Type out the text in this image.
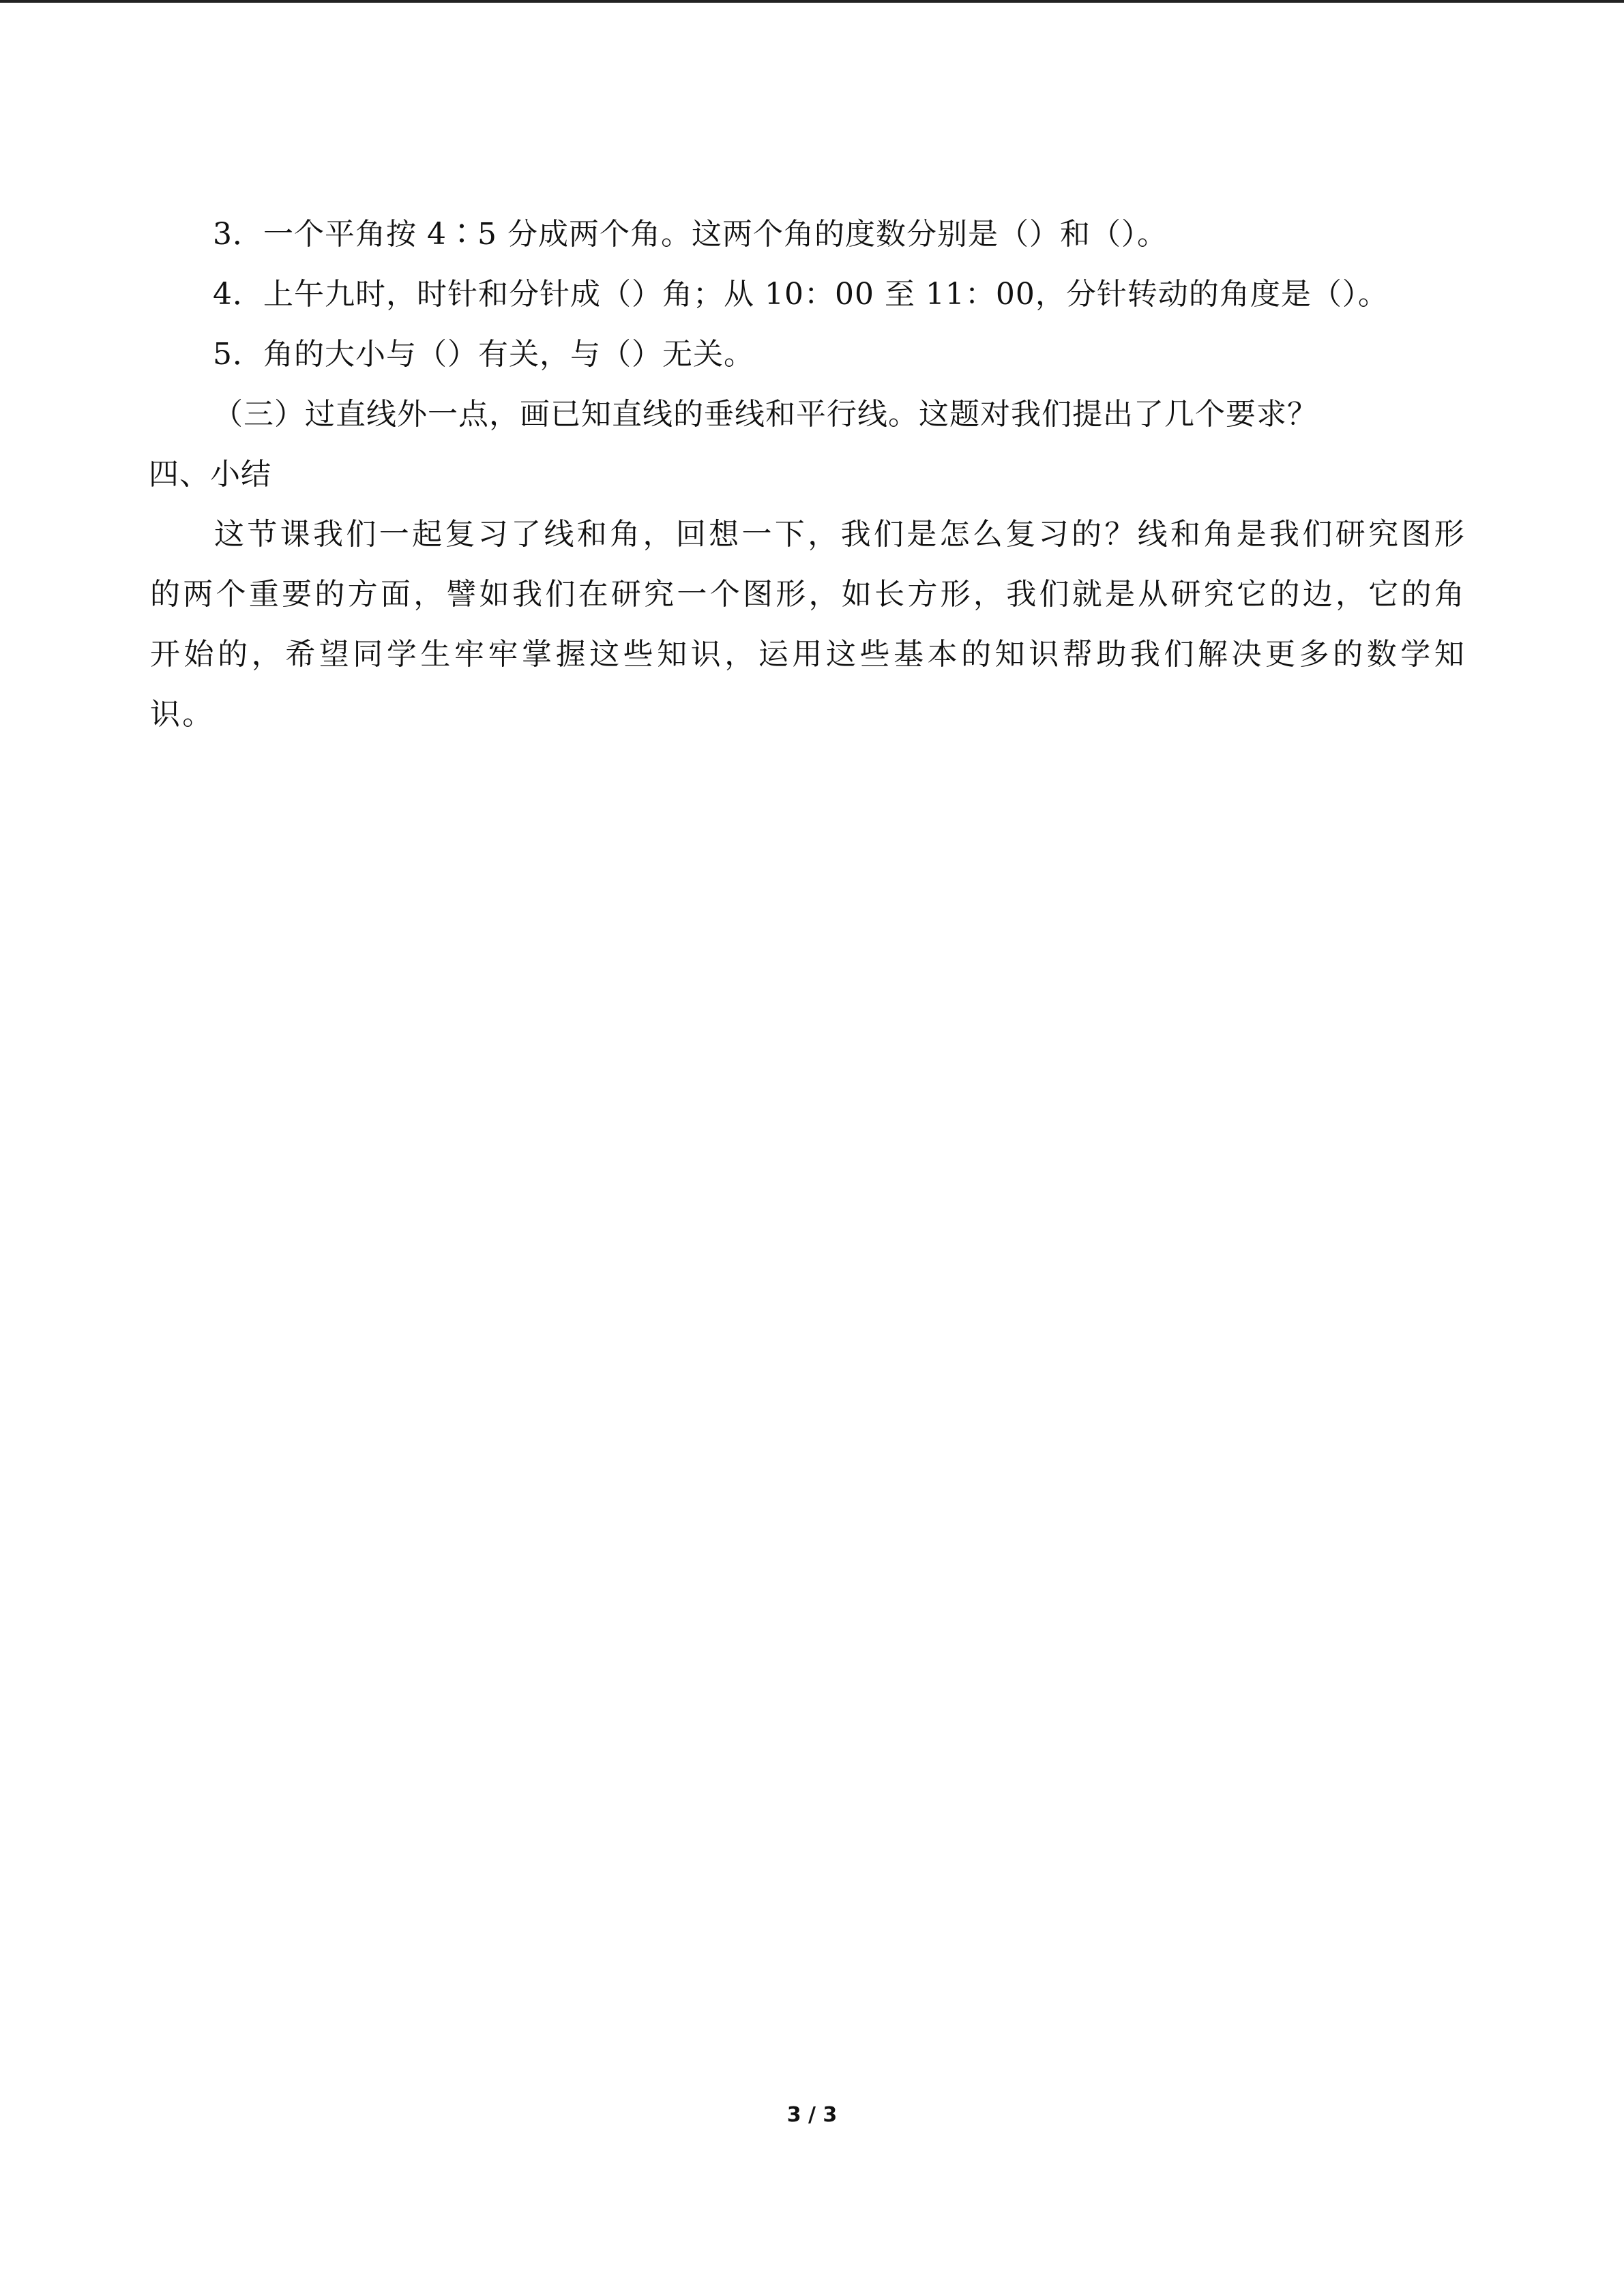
3．一个平角按 4∶5 分成两个角。这两个角的度数分别是（）和（）。
4．上午九时，时针和分针成（）角；从 10：00 至 11：00，分针转动的角度是（）。
5．角的大小与（）有关，与（）无关。
（三）过直线外一点，画已知直线的垂线和平行线。这题对我们提出了几个要求？
四、小结
这节课我们一起复习了线和角，回想一下，我们是怎么复习的？线和角是我们研究图形的两个重要的方面，譬如我们在研究一个图形，如长方形，我们就是从研究它的边，它的角开始的，希望同学生牢牢掌握这些知识，运用这些基本的知识帮助我们解决更多的数学知识。
3 / 3
